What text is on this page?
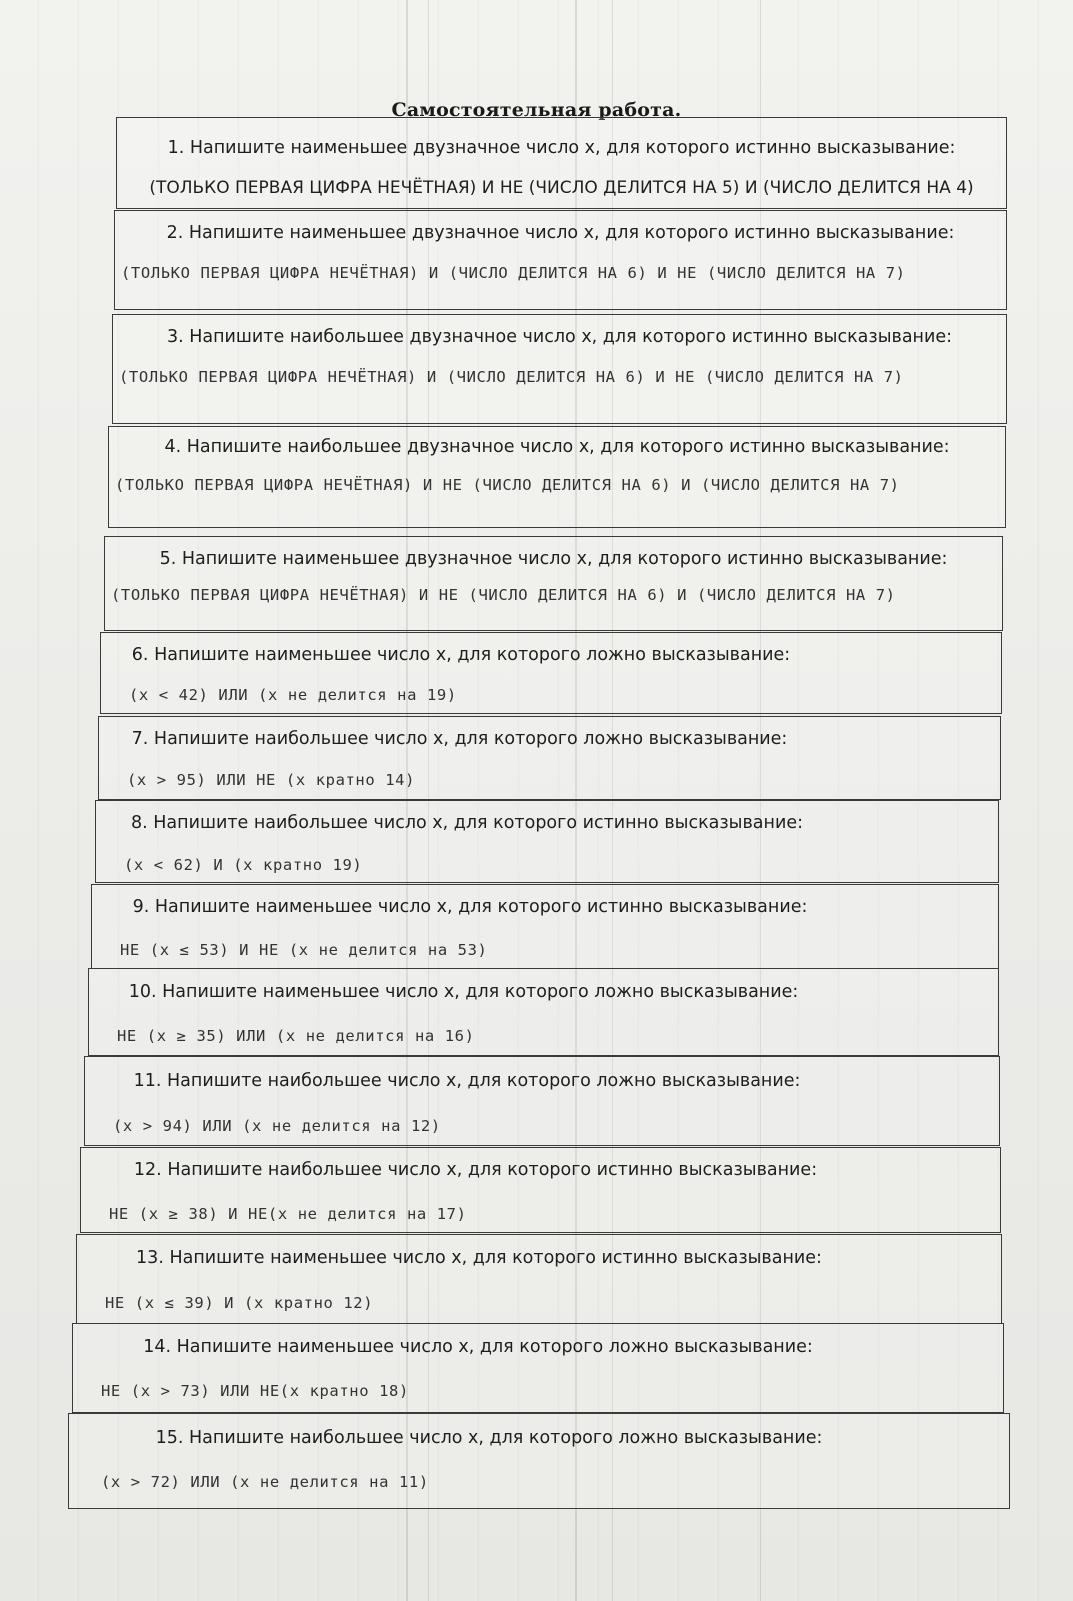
Самостоятельная работа.
1. Напишите наименьшее двузначное число х, для которого истинно высказывание:
(ТОЛЬКО ПЕРВАЯ ЦИФРА НЕЧЁТНАЯ) И НЕ (ЧИСЛО ДЕЛИТСЯ НА 5) И (ЧИСЛО ДЕЛИТСЯ НА 4)
2. Напишите наименьшее двузначное число х, для которого истинно высказывание:
(ТОЛЬКО ПЕРВАЯ ЦИФРА НЕЧЁТНАЯ) И (ЧИСЛО ДЕЛИТСЯ НА 6) И НЕ (ЧИСЛО ДЕЛИТСЯ НА 7)
3. Напишите наибольшее двузначное число х, для которого истинно высказывание:
(ТОЛЬКО ПЕРВАЯ ЦИФРА НЕЧЁТНАЯ) И (ЧИСЛО ДЕЛИТСЯ НА 6) И НЕ (ЧИСЛО ДЕЛИТСЯ НА 7)
4. Напишите наибольшее двузначное число х, для которого истинно высказывание:
(ТОЛЬКО ПЕРВАЯ ЦИФРА НЕЧЁТНАЯ) И НЕ (ЧИСЛО ДЕЛИТСЯ НА 6) И (ЧИСЛО ДЕЛИТСЯ НА 7)
5. Напишите наименьшее двузначное число х, для которого истинно высказывание:
(ТОЛЬКО ПЕРВАЯ ЦИФРА НЕЧЁТНАЯ) И НЕ (ЧИСЛО ДЕЛИТСЯ НА 6) И (ЧИСЛО ДЕЛИТСЯ НА 7)
6. Напишите наименьшее число х, для которого ложно высказывание:
(x < 42) ИЛИ (x не делится на 19)
7. Напишите наибольшее число х, для которого ложно высказывание:
(x > 95) ИЛИ НЕ (x кратно 14)
8. Напишите наибольшее число х, для которого истинно высказывание:
(x < 62) И (x кратно 19)
9. Напишите наименьшее число х, для которого истинно высказывание:
НЕ (x ≤ 53) И НЕ (x не делится на 53)
10. Напишите наименьшее число х, для которого ложно высказывание:
НЕ (x ≥ 35) ИЛИ (x не делится на 16)
11. Напишите наибольшее число х, для которого ложно высказывание:
(x > 94) ИЛИ (x не делится на 12)
12. Напишите наибольшее число х, для которого истинно высказывание:
НЕ (x ≥ 38) И НЕ(x не делится на 17)
13. Напишите наименьшее число х, для которого истинно высказывание:
НЕ (x ≤ 39) И (x кратно 12)
14. Напишите наименьшее число х, для которого ложно высказывание:
НЕ (x > 73) ИЛИ НЕ(x кратно 18)
15. Напишите наибольшее число х, для которого ложно высказывание:
(x > 72) ИЛИ (x не делится на 11)
